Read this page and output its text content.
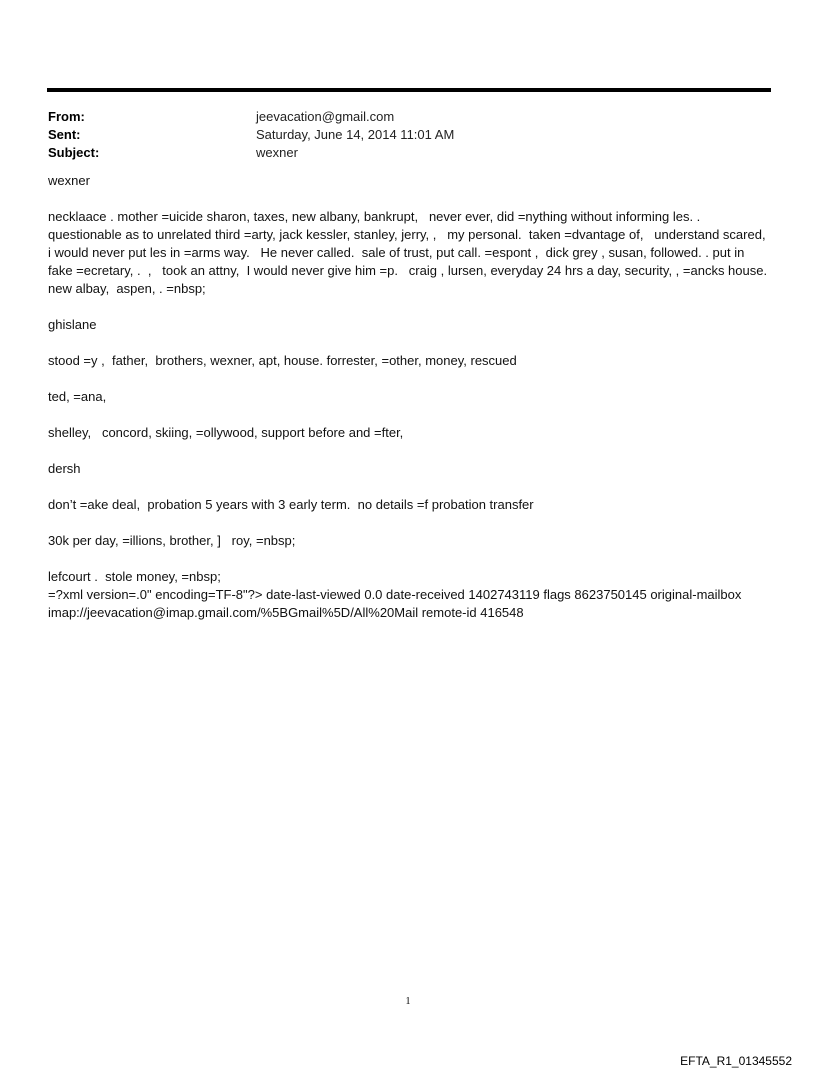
From:	jeevacation@gmail.com
Sent:	Saturday, June 14, 2014 11:01 AM
Subject:	wexner

wexner

necklaace . mother =uicide sharon, taxes, new albany, bankrupt,   never ever, did =nything without informing les. . questionable as to unrelated third =arty, jack kessler, stanley, jerry, ,   my personal.  taken =dvantage of,   understand scared,  i would never put les in =arms way.   He never called.  sale of trust, put call. =espont ,  dick grey , susan, followed. . put in fake =ecretary, .  ,   took an attny,  I would never give him =p.   craig , lursen, everyday 24 hrs a day, security, , =ancks house. new albay,  aspen, . =nbsp;

ghislane

stood =y ,  father,  brothers, wexner, apt, house. forrester, =other, money, rescued

ted, =ana,

shelley,   concord, skiing, =ollywood, support before and =fter,

dersh

don’t =ake deal,  probation 5 years with 3 early term.  no details =f probation transfer

30k per day, =illions, brother, ]   roy, =nbsp;

lefcourt .  stole money, =nbsp;

=?xml version=.0" encoding=TF-8"?> date-last-viewed 0.0 date-received 1402743119 flags 8623750145 original-mailbox imap://jeevacation@imap.gmail.com/%5BGmail%5D/All%20Mail remote-id 416548

1
EFTA_R1_01345552
